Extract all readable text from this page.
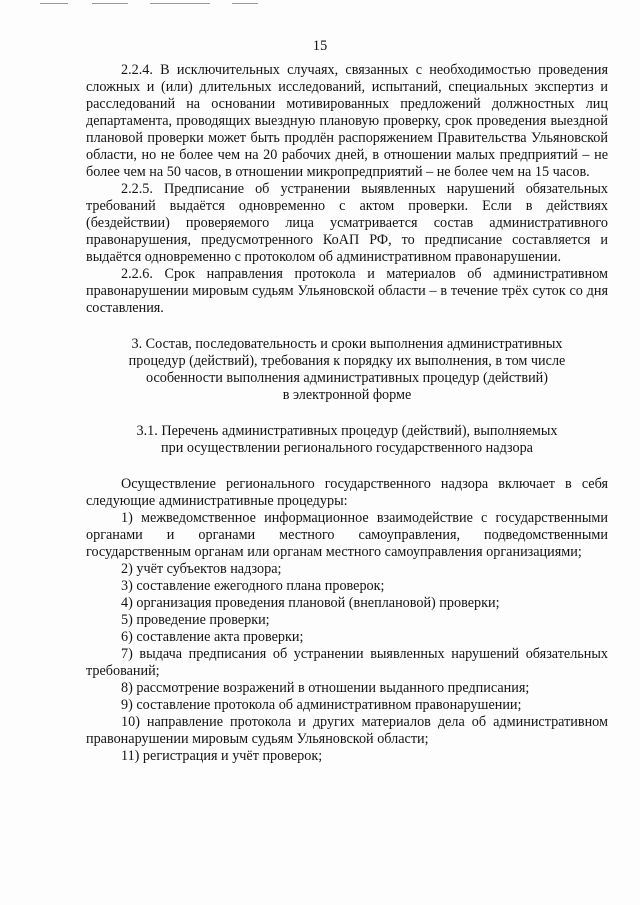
15

2.2.4. В исключительных случаях, связанных с необходимостью проведения сложных и (или) длительных исследований, испытаний, специальных экспертиз и расследований на основании мотивированных предложений должностных лиц департамента, проводящих выездную плановую проверку, срок проведения выездной плановой проверки может быть продлён распоряжением Правительства Ульяновской области, но не более чем на 20 рабочих дней, в отношении малых предприятий – не более чем на 50 часов, в отношении микропредприятий – не более чем на 15 часов.

2.2.5. Предписание об устранении выявленных нарушений обязательных требований выдаётся одновременно с актом проверки. Если в действиях (бездействии) проверяемого лица усматривается состав административного правонарушения, предусмотренного КоАП РФ, то предписание составляется и выдаётся одновременно с протоколом об административном правонарушении.

2.2.6. Срок направления протокола и материалов об административном правонарушении мировым судьям Ульяновской области – в течение трёх суток со дня составления.

3. Состав, последовательность и сроки выполнения административных

процедур (действий), требования к порядку их выполнения, в том числе

особенности выполнения административных процедур (действий)

в электронной форме

3.1. Перечень административных процедур (действий), выполняемых

при осуществлении регионального государственного надзора

Осуществление регионального государственного надзора включает в себя следующие административные процедуры:

1) межведомственное информационное взаимодействие с государственными органами и органами местного самоуправления, подведомственными государственным органам или органам местного самоуправления организациями;

2) учёт субъектов надзора;

3) составление ежегодного плана проверок;

4) организация проведения плановой (внеплановой) проверки;

5) проведение проверки;

6) составление акта проверки;

7) выдача предписания об устранении выявленных нарушений обязательных требований;

8) рассмотрение возражений в отношении выданного предписания;

9) составление протокола об административном правонарушении;

10) направление протокола и других материалов дела об административном правонарушении мировым судьям Ульяновской области;

11) регистрация и учёт проверок;
